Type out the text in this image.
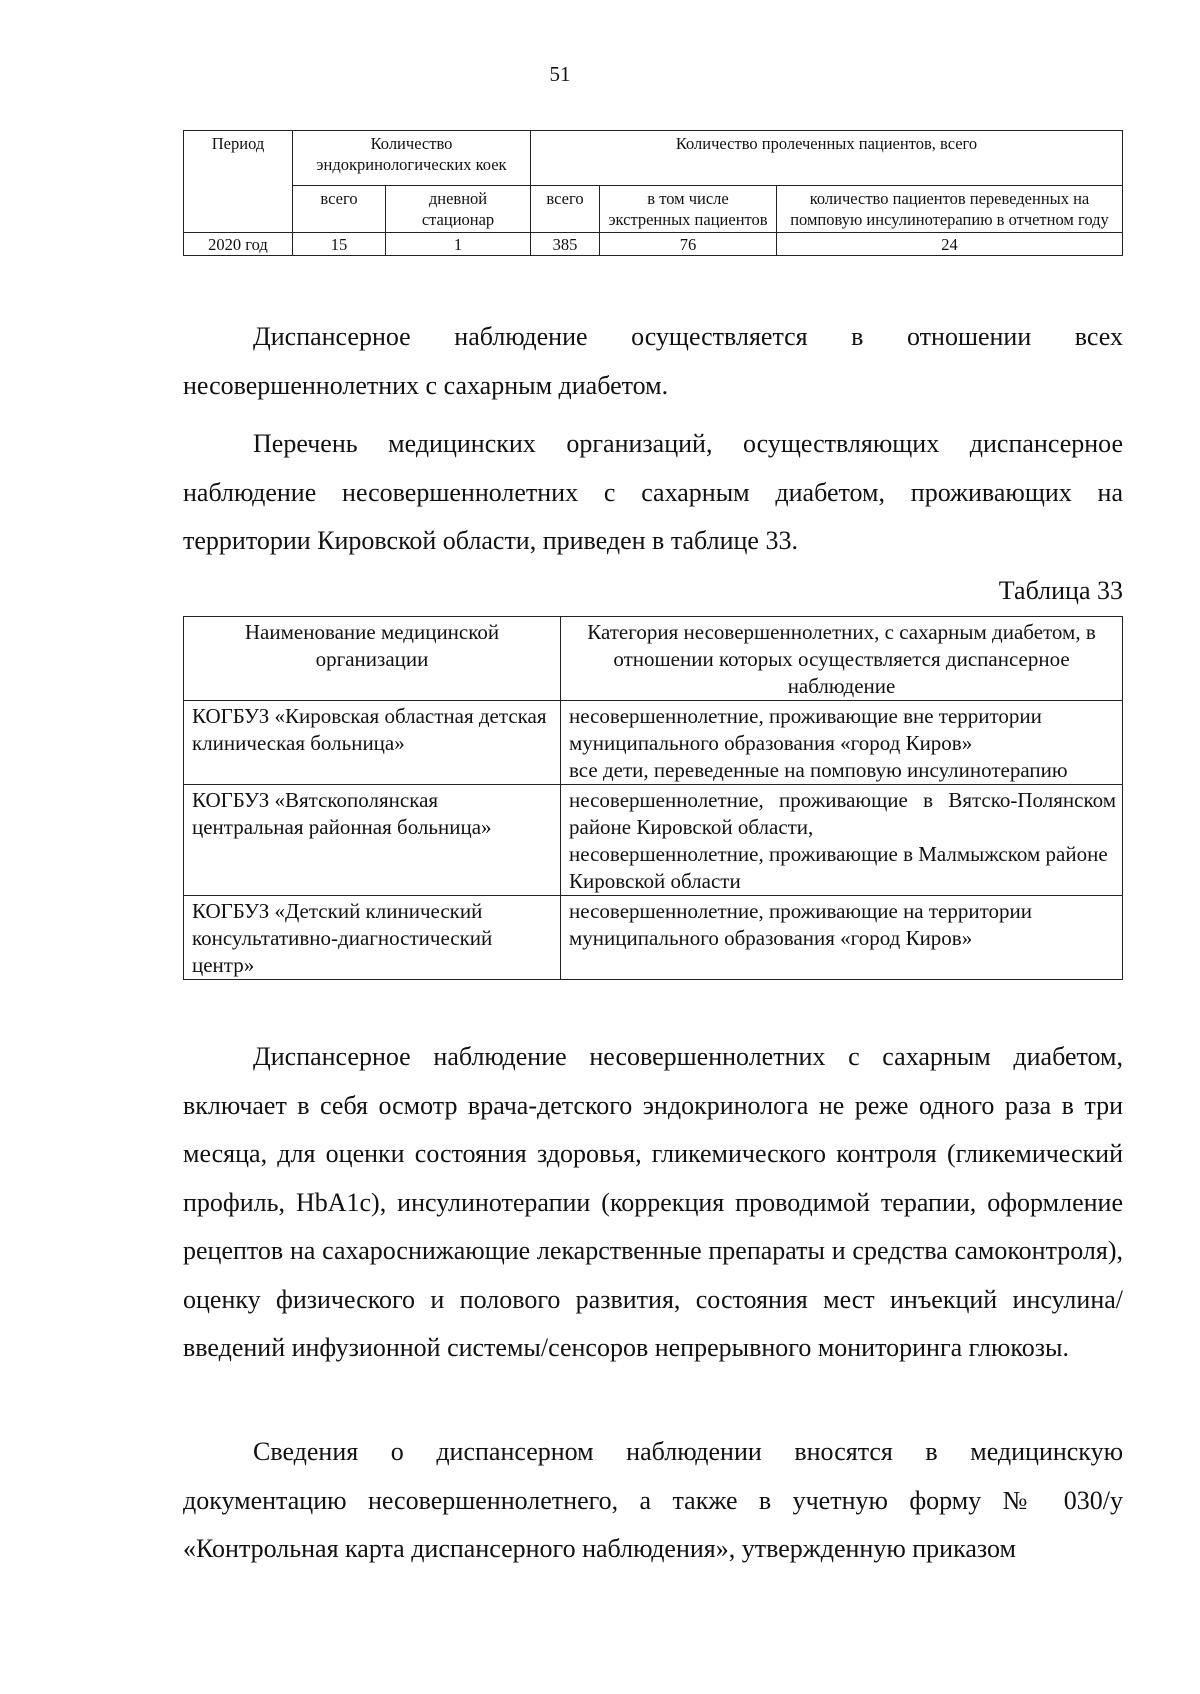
51
Период	Количество эндокринологических коек		Количество пролеченных пациентов, всего		
	всего	дневной стационар	всего	в том числе экстренных пациентов	количество пациентов переведенных на помповую инсулинотерапию в отчетном году
2020 год	15	1	385	76	24
Диспансерное наблюдение осуществляется в отношении всех
несовершеннолетних с сахарным диабетом.

Перечень медицинских организаций, осуществляющих диспансерное наблюдение несовершеннолетних с сахарным диабетом, проживающих на территории Кировской области, приведен в таблице 33.

Таблица 33
Наименование медицинской организации	Категория несовершеннолетних, с сахарным диабетом, в отношении которых осуществляется диспансерное наблюдение
КОГБУЗ «Кировская областная детская клиническая больница»	несовершеннолетние, проживающие вне территории муниципального образования «город Киров»
все дети, переведенные на помповую инсулинотерапию

КОГБУЗ «Вятскополянская центральная районная больница»	несовершеннолетние, проживающие в Вятско-Полянском районе Кировской области,
несовершеннолетние, проживающие в Малмыжском районе Кировской области

КОГБУЗ «Детский клинический консультативно-диагностический центр»	несовершеннолетние, проживающие на территории муниципального образования «город Киров»

Диспансерное наблюдение несовершеннолетних с сахарным диабетом, включает в себя осмотр врача-детского эндокринолога не реже одного раза в три месяца, для оценки состояния здоровья, гликемического контроля (гликемический профиль, HbA1c), инсулинотерапии (коррекция проводимой терапии, оформление рецептов на сахароснижающие лекарственные препараты и средства самоконтроля), оценку физического и полового развития, состояния мест инъекций инсулина/введений инфузионной системы/сенсоров непрерывного мониторинга глюкозы.

Сведения о диспансерном наблюдении вносятся в медицинскую документацию несовершеннолетнего, а также в учетную форму № 030/у «Контрольная карта диспансерного наблюдения», утвержденную приказом
